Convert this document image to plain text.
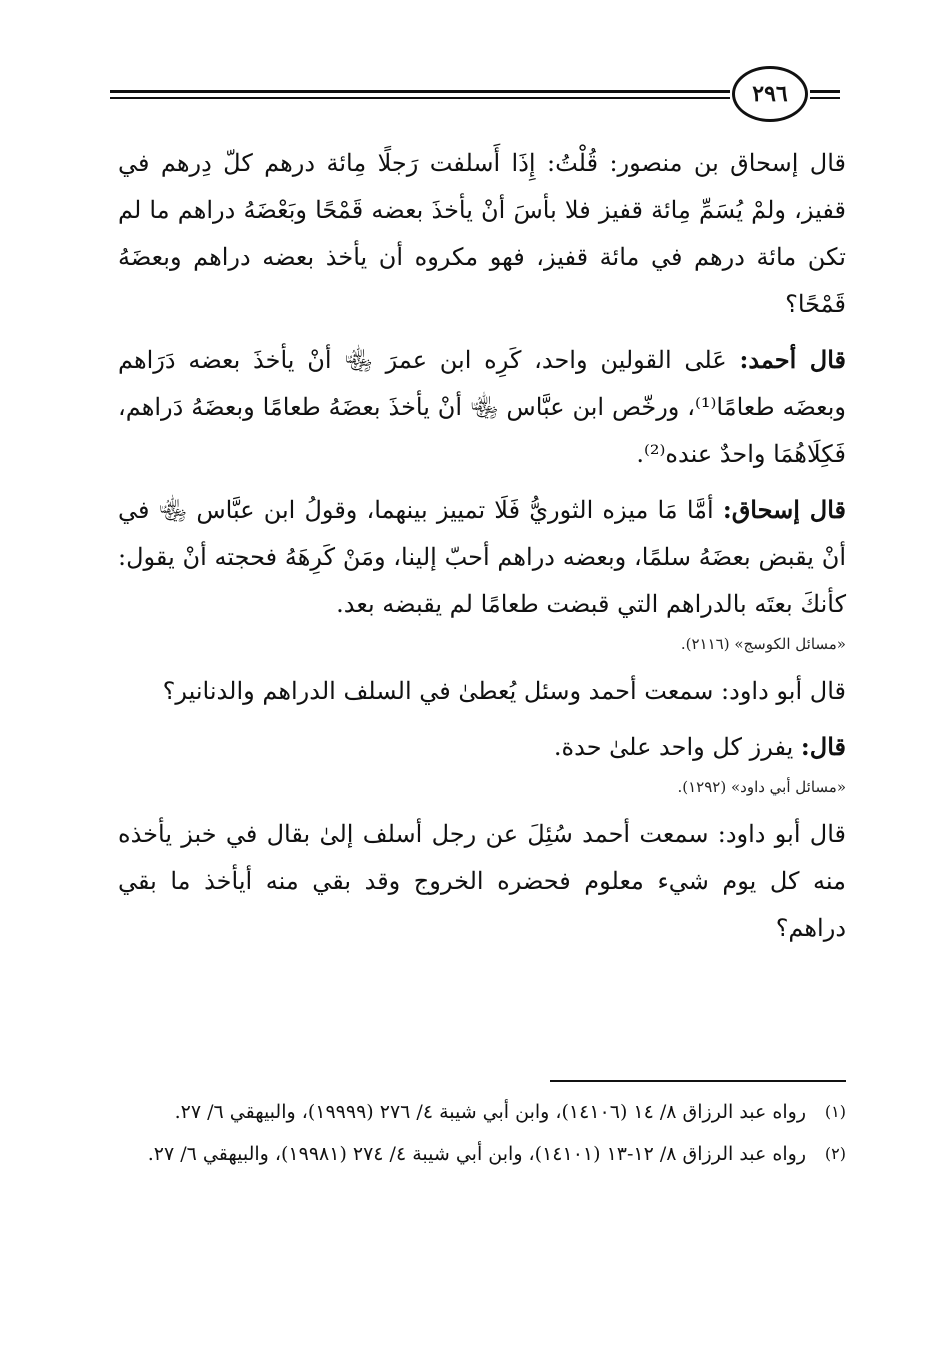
٢٩٦

قال إسحاق بن منصور: قُلْتُ: إِذَا أَسلفت رَجلًا مِائة درهم كلّ دِرهم في قفيز، ولمْ يُسَمِّ مِائة قفيز فلا بأسَ أنْ يأخذَ بعضه قَمْحًا وبَعْضَهُ دراهم ما لم تكن مائة درهم في مائة قفيز، فهو مكروه أن يأخذ بعضه دراهم وبعضَهُ قَمْحًا؟

قال أحمد: عَلى القولين واحد، كَرِه ابن عمرَ ﵄ أنْ يأخذَ بعضه دَرَاهم وبعضَه طعامًا⁽¹⁾، ورخّص ابن عبَّاس ﵄ أنْ يأخذَ بعضَهُ طعامًا وبعضَهُ دَراهم، فَكِلَاهُمَا واحدٌ عنده⁽²⁾.

قال إسحاق: أمَّا مَا ميزه الثوريُّ فَلَا تمييز بينهما، وقولُ ابن عبَّاس ﵄ في أنْ يقبض بعضَهُ سلمًا، وبعضه دراهم أحبّ إلينا، ومَنْ كَرِهَهُ فحجته أنْ يقول: كأنكَ بعتَه بالدراهم التي قبضت طعامًا لم يقبضه بعد.

«مسائل الكوسج» (٢١١٦).

قال أبو داود: سمعت أحمد وسئل يُعطىٰ في السلف الدراهم والدنانير؟

قال: يفرز كل واحد علىٰ حدة.

«مسائل أبي داود» (١٢٩٢).

قال أبو داود: سمعت أحمد سُئِلَ عن رجل أسلف إلىٰ بقال في خبز يأخذه منه كل يوم شيء معلوم فحضره الخروج وقد بقي منه أيأخذ ما بقي دراهم؟

(١)
رواه عبد الرزاق ٨/ ١٤ (١٤١٠٦)، وابن أبي شيبة ٤/ ٢٧٦ (١٩٩٩٩)، والبيهقي ٦/ ٢٧.
(٢)
رواه عبد الرزاق ٨/ ١٢-١٣ (١٤١٠١)، وابن أبي شيبة ٤/ ٢٧٤ (١٩٩٨١)، والبيهقي ٦/ ٢٧.
